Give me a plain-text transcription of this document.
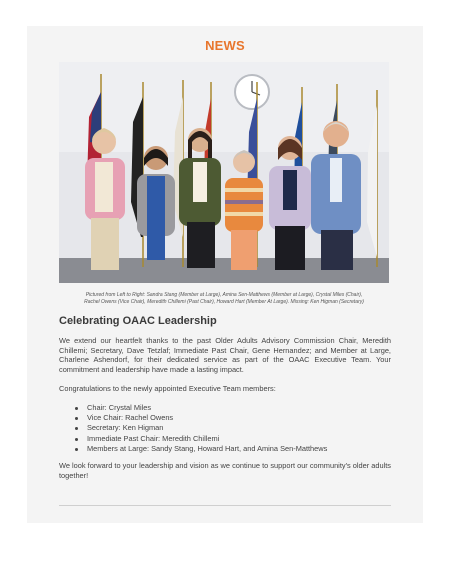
NEWS
Pictured from Left to Right: Sandra Stang (Member at Large), Amina Sen-Matthews (Member at Large), Crystal Miles (Chair),
Rachel Owens (Vice Chair), Meredith Chillemi (Past Chair), Howard Hart (Member At Large). Missing: Ken Higman (Secretary)
Celebrating OAAC Leadership

We extend our heartfelt thanks to the past Older Adults Advisory Commission Chair, Meredith Chillemi; Secretary, Dave Tetzlaf; Immediate Past Chair, Gene Hernandez; and Member at Large, Charlene Ashendorf, for their dedicated service as part of the OAAC Executive Team. Your commitment and leadership have made a lasting impact.

Congratulations to the newly appointed Executive Team members:

Chair: Crystal Miles
Vice Chair: Rachel Owens
Secretary: Ken Higman
Immediate Past Chair: Meredith Chillemi
Members at Large: Sandy Stang, Howard Hart, and Amina Sen-Matthews

We look forward to your leadership and vision as we continue to support our community's older adults together!
